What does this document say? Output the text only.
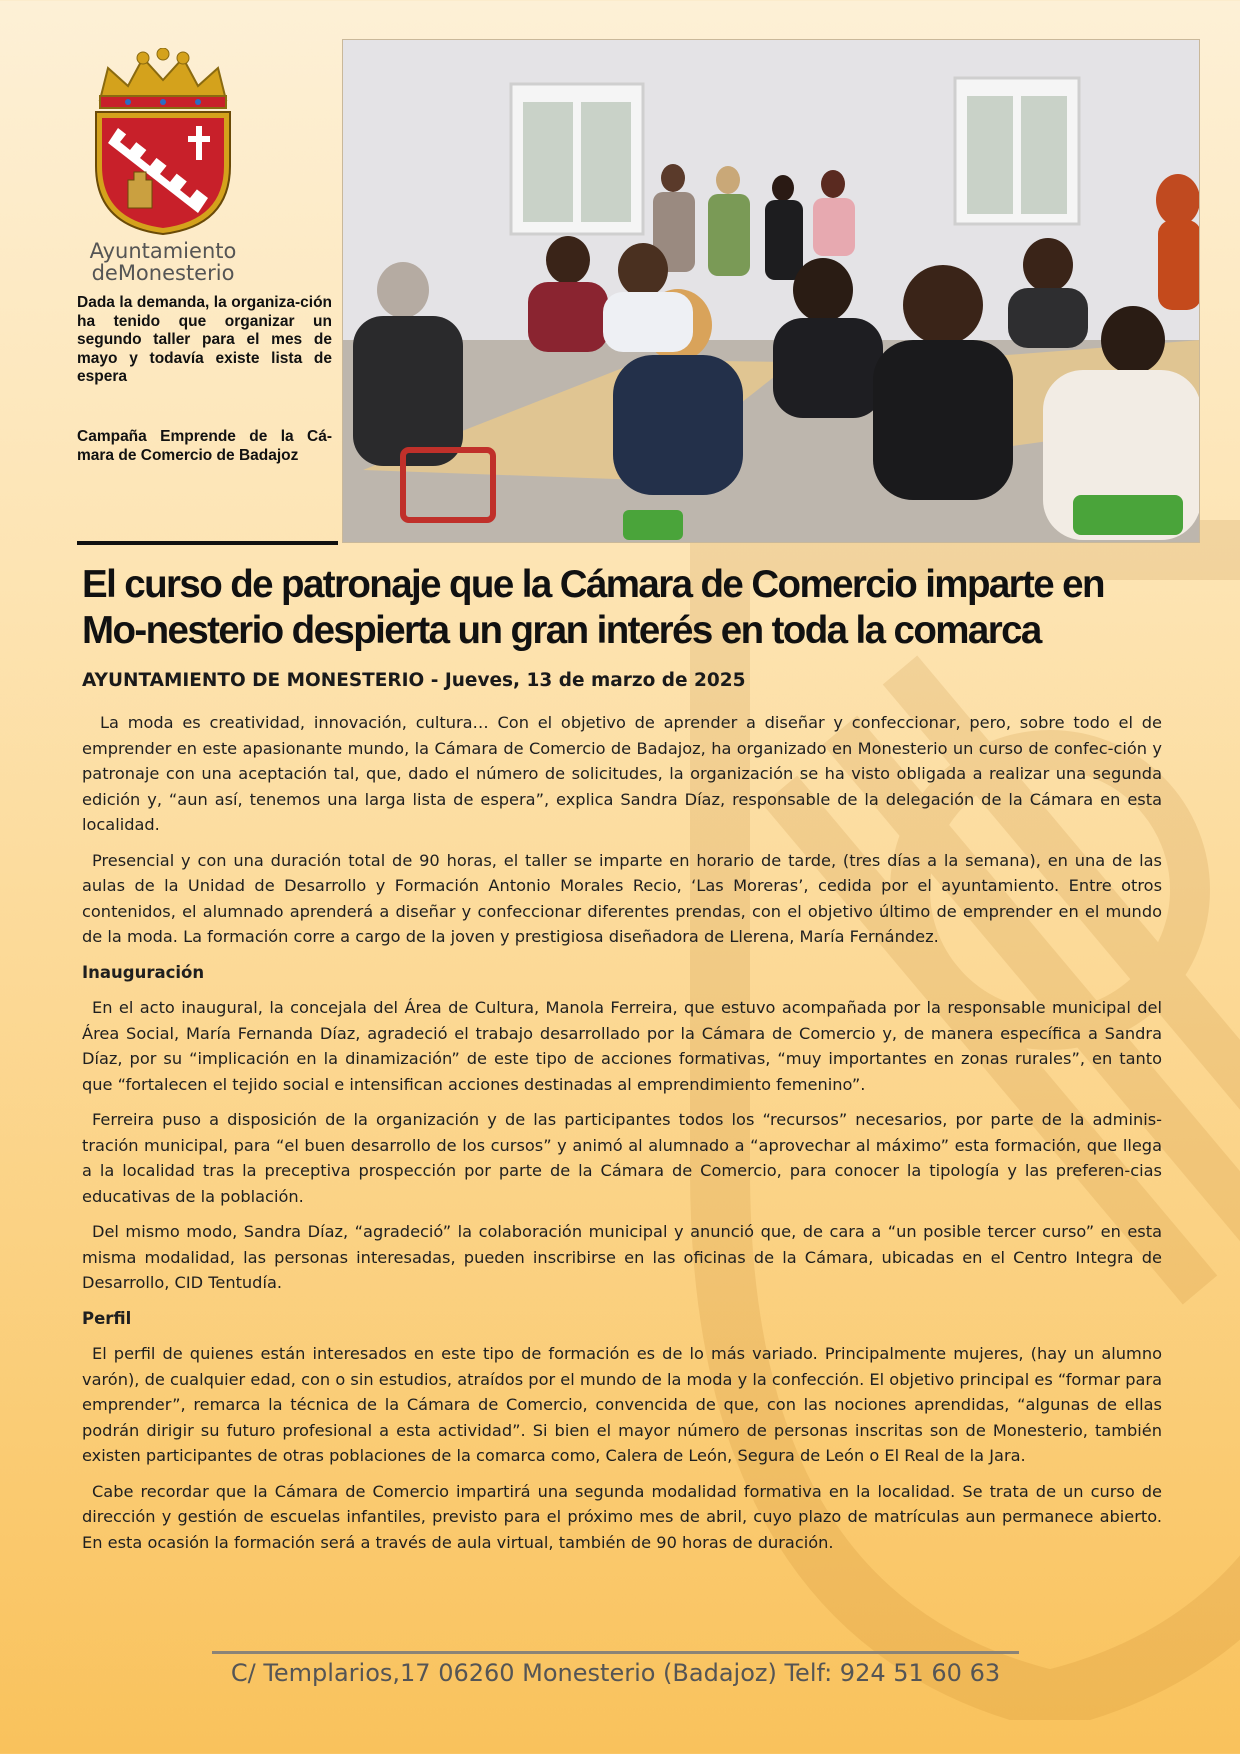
Ayuntamiento
deMonesterio
Dada la demanda, la organiza-ción ha tenido que organizar un segundo taller para el mes de mayo y todavía existe lista de espera
Campaña Emprende de la Cá-mara de Comercio de Badajoz
El curso de patronaje que la Cámara de Comercio imparte en Mo-nesterio despierta un gran interés en toda la comarca
AYUNTAMIENTO DE MONESTERIO - Jueves, 13 de marzo de 2025

La moda es creatividad, innovación, cultura… Con el objetivo de aprender a diseñar y confeccionar, pero, sobre todo el de emprender en este apasionante mundo, la Cámara de Comercio de Badajoz, ha organizado en Monesterio un curso de confec-ción y patronaje con una aceptación tal, que, dado el número de solicitudes, la organización se ha visto obligada a realizar una segunda edición y, “aun así, tenemos una larga lista de espera”, explica Sandra Díaz, responsable de la delegación de la Cámara en esta localidad.

Presencial y con una duración total de 90 horas, el taller se imparte en horario de tarde, (tres días a la semana), en una de las aulas de la Unidad de Desarrollo y Formación Antonio Morales Recio, ‘Las Moreras’, cedida por el ayuntamiento. Entre otros contenidos, el alumnado aprenderá a diseñar y confeccionar diferentes prendas, con el objetivo último de emprender en el mundo de la moda. La formación corre a cargo de la joven y prestigiosa diseñadora de Llerena, María Fernández.

Inauguración

En el acto inaugural, la concejala del Área de Cultura, Manola Ferreira, que estuvo acompañada por la responsable municipal del Área Social, María Fernanda Díaz, agradeció el trabajo desarrollado por la Cámara de Comercio y, de manera específica a Sandra Díaz, por su “implicación en la dinamización” de este tipo de acciones formativas, “muy importantes en zonas rurales”, en tanto que “fortalecen el tejido social e intensifican acciones destinadas al emprendimiento femenino”.

Ferreira puso a disposición de la organización y de las participantes todos los “recursos” necesarios, por parte de la adminis-tración municipal, para “el buen desarrollo de los cursos” y animó al alumnado a “aprovechar al máximo” esta formación, que llega a la localidad tras la preceptiva prospección por parte de la Cámara de Comercio, para conocer la tipología y las preferen-cias educativas de la población.

Del mismo modo, Sandra Díaz, “agradeció” la colaboración municipal y anunció que, de cara a “un posible tercer curso” en esta misma modalidad, las personas interesadas, pueden inscribirse en las oficinas de la Cámara, ubicadas en el Centro Integra de Desarrollo, CID Tentudía.

Perfil

El perfil de quienes están interesados en este tipo de formación es de lo más variado. Principalmente mujeres, (hay un alumno varón), de cualquier edad, con o sin estudios, atraídos por el mundo de la moda y la confección. El objetivo principal es “formar para emprender”, remarca la técnica de la Cámara de Comercio, convencida de que, con las nociones aprendidas, “algunas de ellas podrán dirigir su futuro profesional a esta actividad”. Si bien el mayor número de personas inscritas son de Monesterio, también existen participantes de otras poblaciones de la comarca como, Calera de León, Segura de León o El Real de la Jara.

Cabe recordar que la Cámara de Comercio impartirá una segunda modalidad formativa en la localidad. Se trata de un curso de dirección y gestión de escuelas infantiles, previsto para el próximo mes de abril, cuyo plazo de matrículas aun permanece abierto. En esta ocasión la formación será a través de aula virtual, también de 90 horas de duración.

C/ Templarios,17 06260 Monesterio (Badajoz) Telf: 924 51 60 63
